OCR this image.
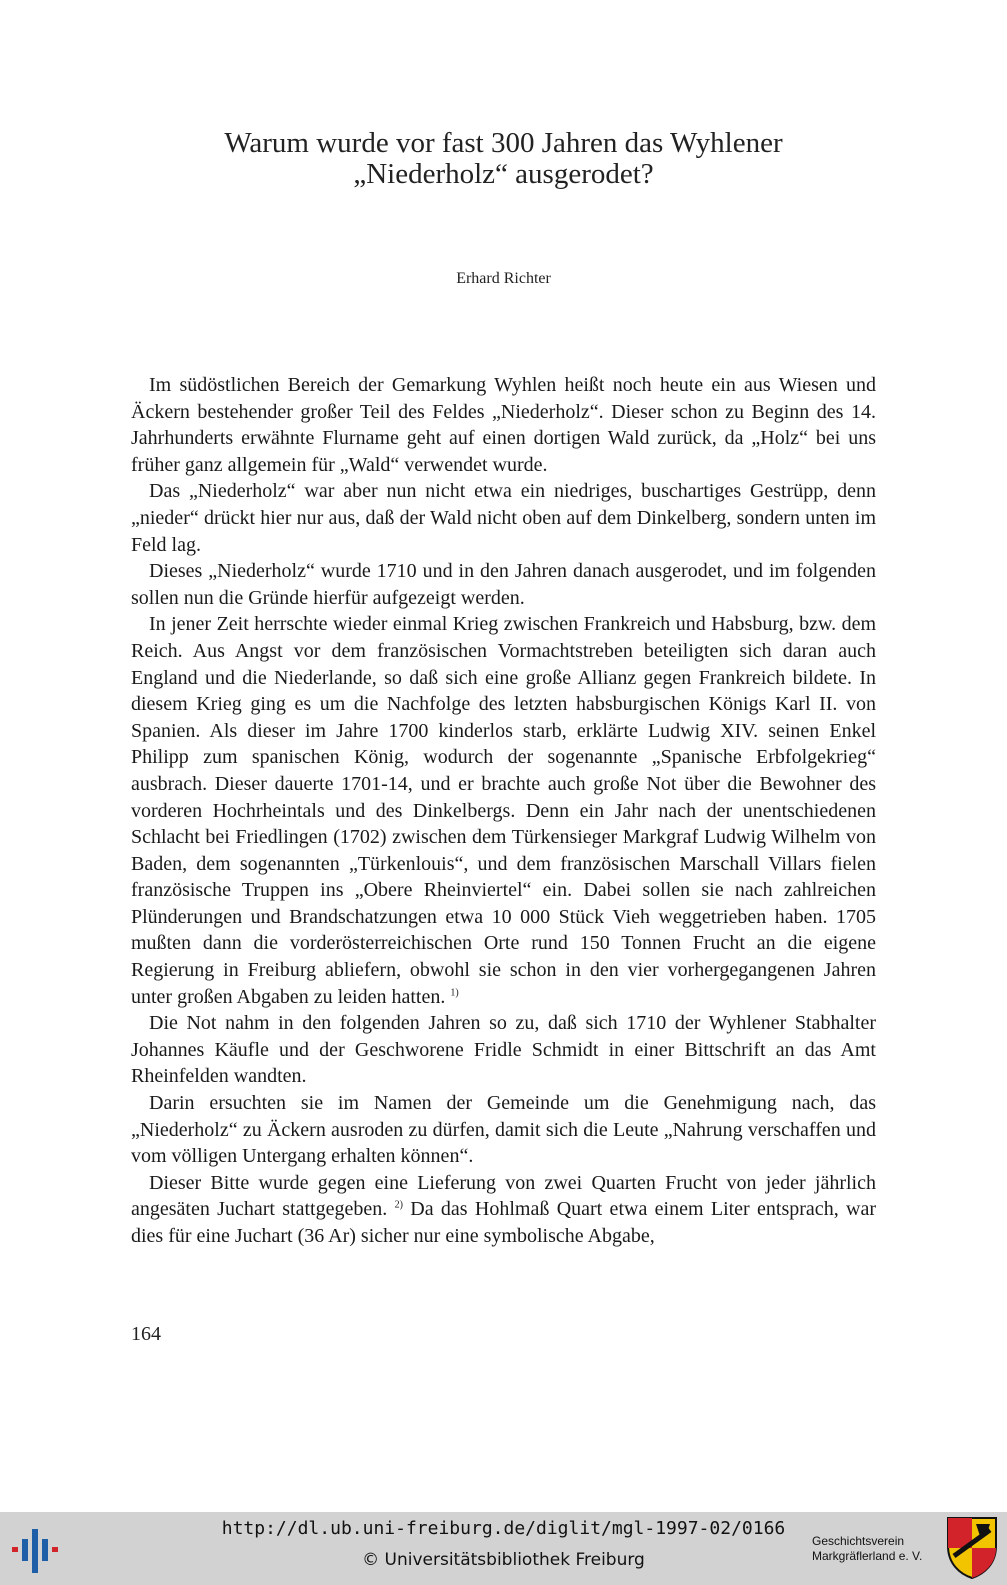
Warum wurde vor fast 300 Jahren das Wyhlener
„Niederholz“ ausgerodet?
Erhard Richter

Im südöstlichen Bereich der Gemarkung Wyhlen heißt noch heute ein aus Wiesen und Äckern bestehender großer Teil des Feldes „Niederholz“. Dieser schon zu Beginn des 14. Jahrhunderts erwähnte Flurname geht auf einen dortigen Wald zurück, da „Holz“ bei uns früher ganz allgemein für „Wald“ verwendet wurde.

Das „Niederholz“ war aber nun nicht etwa ein niedriges, buschartiges Gestrüpp, denn „nieder“ drückt hier nur aus, daß der Wald nicht oben auf dem Dinkelberg, sondern unten im Feld lag.

Dieses „Niederholz“ wurde 1710 und in den Jahren danach ausgerodet, und im folgenden sollen nun die Gründe hierfür aufgezeigt werden.

In jener Zeit herrschte wieder einmal Krieg zwischen Frankreich und Habsburg, bzw. dem Reich. Aus Angst vor dem französischen Vormachtstreben beteiligten sich daran auch England und die Niederlande, so daß sich eine große Allianz gegen Frankreich bildete. In diesem Krieg ging es um die Nachfolge des letzten habsburgischen Königs Karl II. von Spanien. Als dieser im Jahre 1700 kinderlos starb, erklärte Ludwig XIV. seinen Enkel Philipp zum spanischen König, wodurch der sogenannte „Spanische Erbfolgekrieg“ ausbrach. Dieser dauerte 1701-14, und er brachte auch große Not über die Bewohner des vorderen Hochrheintals und des Dinkelbergs. Denn ein Jahr nach der unentschiedenen Schlacht bei Friedlingen (1702) zwischen dem Türkensieger Markgraf Ludwig Wilhelm von Baden, dem sogenannten „Türkenlouis“, und dem französischen Marschall Villars fielen französische Truppen ins „Obere Rheinviertel“ ein. Dabei sollen sie nach zahlreichen Plünderungen und Brandschatzungen etwa 10 000 Stück Vieh weggetrieben haben. 1705 mußten dann die vorderösterreichischen Orte rund 150 Tonnen Frucht an die eigene Regierung in Freiburg abliefern, obwohl sie schon in den vier vorhergegangenen Jahren unter großen Abgaben zu leiden hatten. $^{1)}$

Die Not nahm in den folgenden Jahren so zu, daß sich 1710 der Wyhlener Stabhalter Johannes Käufle und der Geschworene Fridle Schmidt in einer Bittschrift an das Amt Rheinfelden wandten.

Darin ersuchten sie im Namen der Gemeinde um die Genehmigung nach, das „Niederholz“ zu Äckern ausroden zu dürfen, damit sich die Leute „Nahrung verschaffen und vom völligen Untergang erhalten können“.

Dieser Bitte wurde gegen eine Lieferung von zwei Quarten Frucht von jeder jährlich angesäten Juchart stattgegeben. $^{2)}$ Da das Hohlmaß Quart etwa einem Liter entsprach, war dies für eine Juchart (36 Ar) sicher nur eine symbolische Abgabe,

164
http://dl.ub.uni-freiburg.de/diglit/mgl-1997-02/0166
© Universitätsbibliothek Freiburg
Geschichtsverein
Markgräflerland e. V.
